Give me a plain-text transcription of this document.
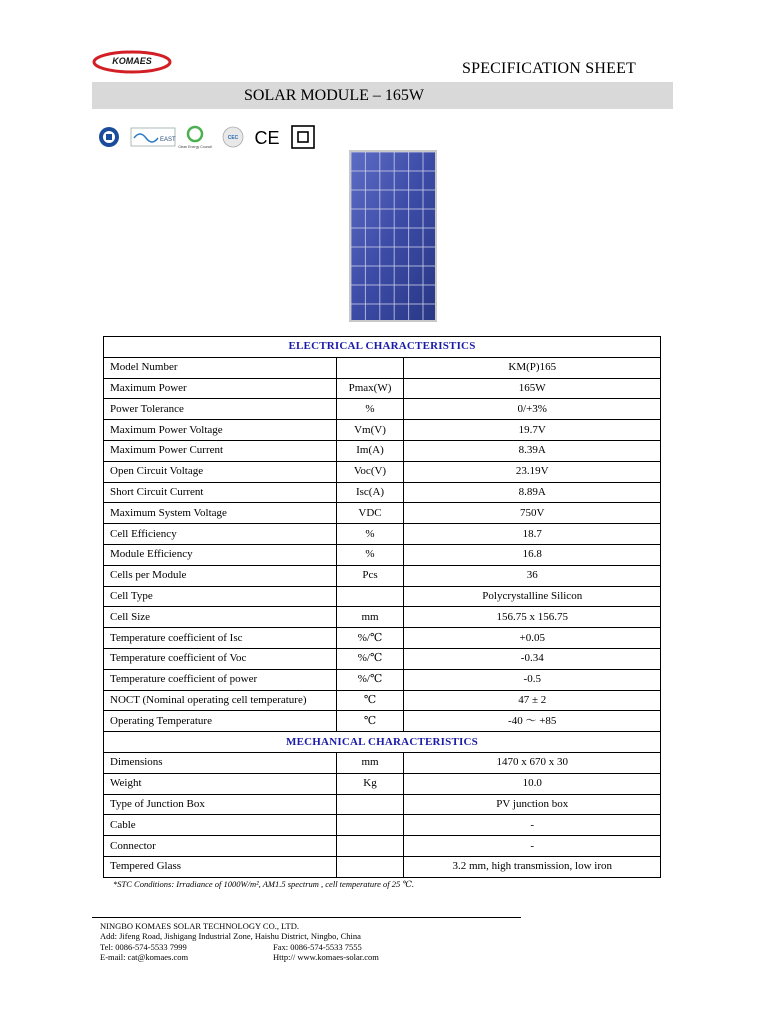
KOMAES	SPECIFICATION SHEET
SOLAR MODULE – 165W
EAST
Clean Energy Council
CEC CE
ELECTRICAL CHARACTERISTICS		
Model Number		KM(P)165
Maximum Power	Pmax(W)	165W
Power Tolerance	%	0/+3%
Maximum Power Voltage	Vm(V)	19.7V
Maximum Power Current	Im(A)	8.39A
Open Circuit Voltage	Voc(V)	23.19V
Short Circuit Current	Isc(A)	8.89A
Maximum System Voltage	VDC	750V
Cell Efficiency	%	18.7
Module Efficiency	%	16.8
Cells per Module	Pcs	36
Cell Type		Polycrystalline Silicon
Cell Size	mm	156.75 x 156.75
Temperature coefficient of Isc	%/℃	+0.05
Temperature coefficient of Voc	%/℃	-0.34
Temperature coefficient of power	%/℃	-0.5
NOCT (Nominal operating cell temperature)	℃	47 ± 2
Operating Temperature	℃	-40 ～ +85
MECHANICAL CHARACTERISTICS		
Dimensions	mm	1470 x 670 x 30
Weight	Kg	10.0
Type of Junction Box		PV junction box
Cable		-
Connector		-
Tempered Glass		3.2 mm, high transmission, low iron
*STC Conditions: Irradiance of 1000W/m², AM1.5 spectrum , cell temperature of 25 ℃.
NINGBO KOMAES SOLAR TECHNOLOGY CO., LTD.
Add: Jifeng Road, Jishigang Industrial Zone, Haishu District, Ningbo, China
Tel: 0086-574-5533 7999	Fax: 0086-574-5533 7555
E-mail: cat@komaes.com	Http:// www.komaes-solar.com
